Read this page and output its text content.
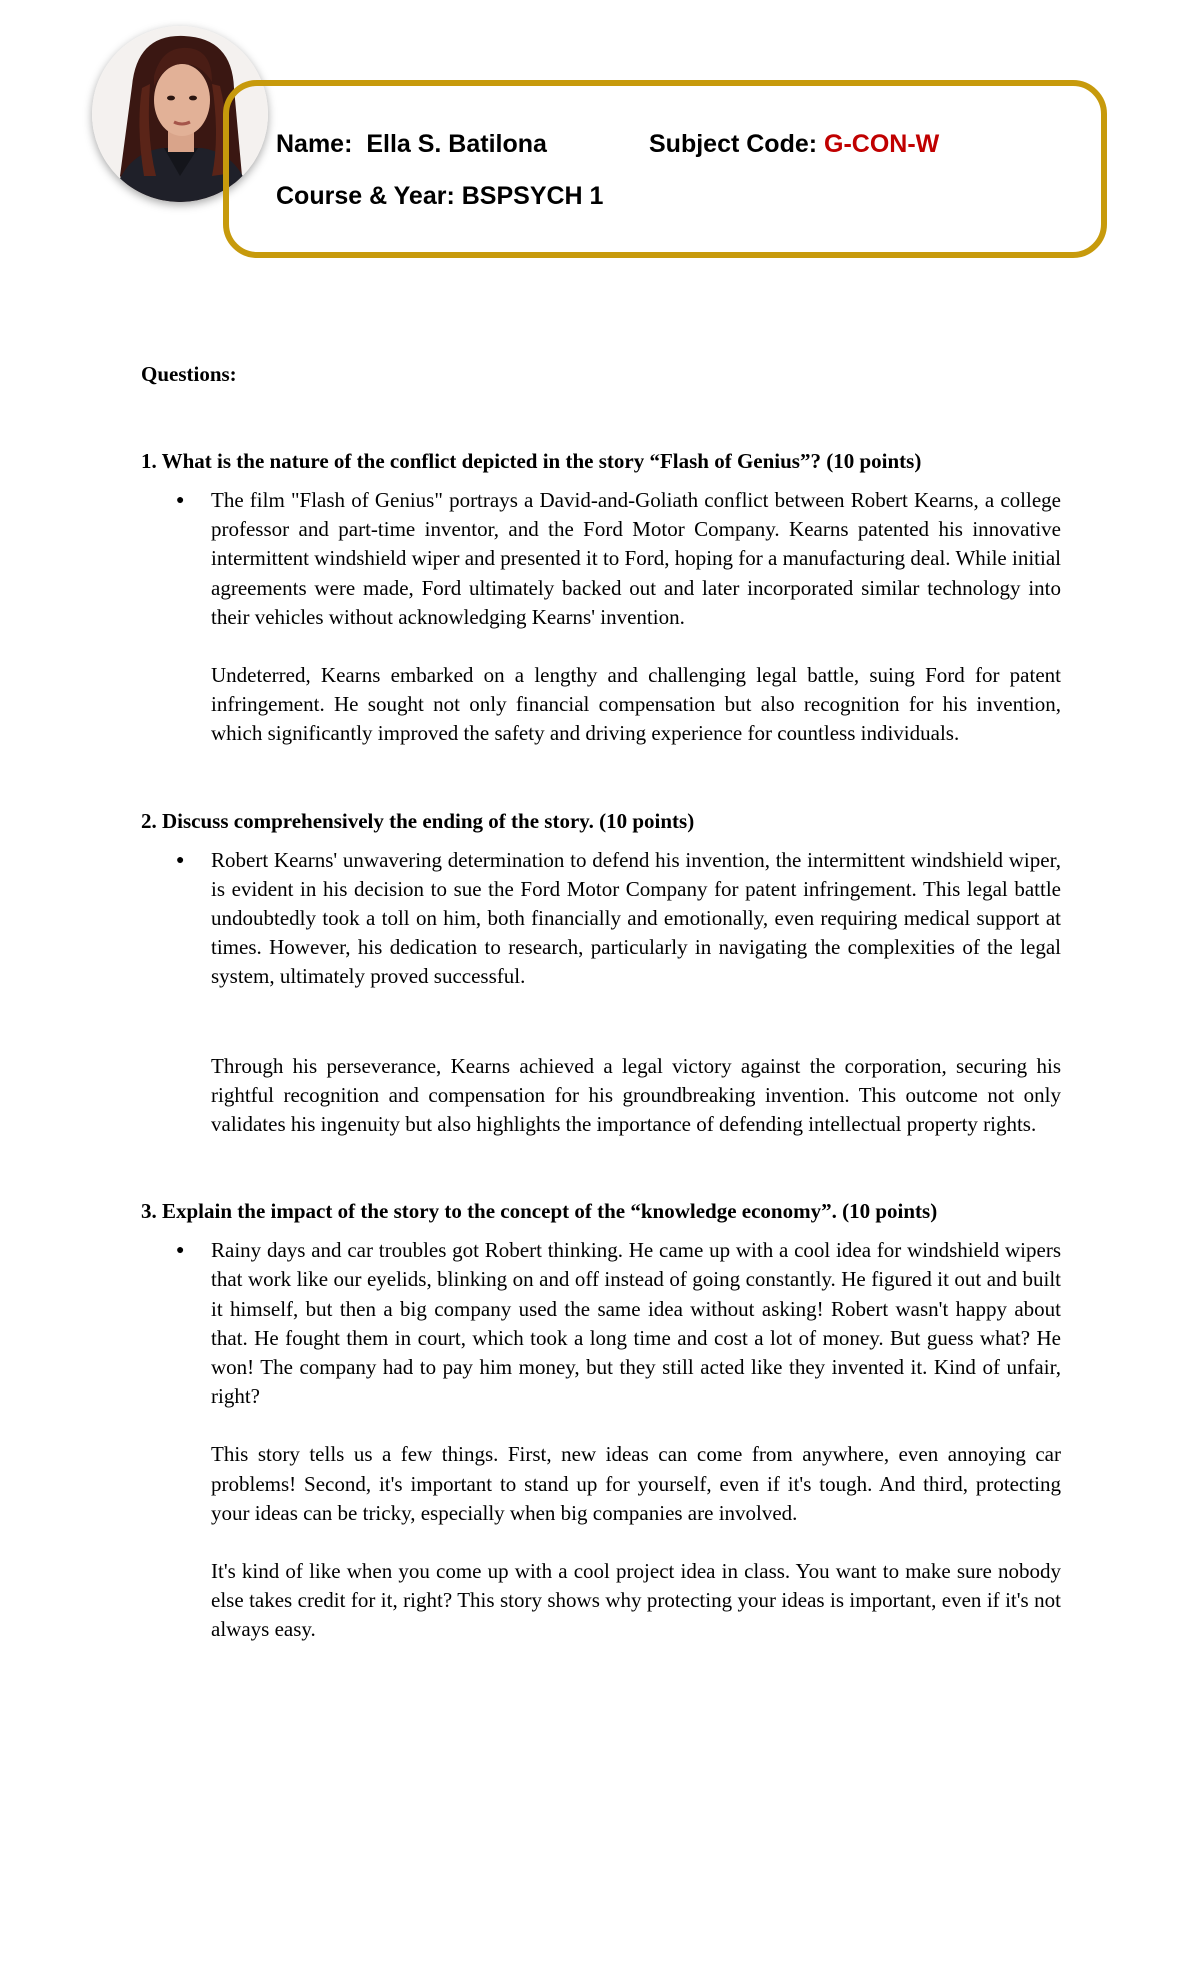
Name: Ella S. Batilona	Subject Code: G-CON-W
Course & Year: BSPSYCH 1

Questions:

1. What is the nature of the conflict depicted in the story “Flash of Genius”? (10 points)

● The film "Flash of Genius" portrays a David-and-Goliath conflict between Robert Kearns, a college professor and part-time inventor, and the Ford Motor Company. Kearns patented his innovative intermittent windshield wiper and presented it to Ford, hoping for a manufacturing deal. While initial agreements were made, Ford ultimately backed out and later incorporated similar technology into their vehicles without acknowledging Kearns' invention.

Undeterred, Kearns embarked on a lengthy and challenging legal battle, suing Ford for patent infringement. He sought not only financial compensation but also recognition for his invention, which significantly improved the safety and driving experience for countless individuals.

2. Discuss comprehensively the ending of the story. (10 points)

● Robert Kearns' unwavering determination to defend his invention, the intermittent windshield wiper, is evident in his decision to sue the Ford Motor Company for patent infringement. This legal battle undoubtedly took a toll on him, both financially and emotionally, even requiring medical support at times. However, his dedication to research, particularly in navigating the complexities of the legal system, ultimately proved successful.

Through his perseverance, Kearns achieved a legal victory against the corporation, securing his rightful recognition and compensation for his groundbreaking invention. This outcome not only validates his ingenuity but also highlights the importance of defending intellectual property rights.

3. Explain the impact of the story to the concept of the “knowledge economy”. (10 points)

● Rainy days and car troubles got Robert thinking. He came up with a cool idea for windshield wipers that work like our eyelids, blinking on and off instead of going constantly. He figured it out and built it himself, but then a big company used the same idea without asking! Robert wasn't happy about that. He fought them in court, which took a long time and cost a lot of money. But guess what? He won! The company had to pay him money, but they still acted like they invented it. Kind of unfair, right?

This story tells us a few things. First, new ideas can come from anywhere, even annoying car problems! Second, it's important to stand up for yourself, even if it's tough. And third, protecting your ideas can be tricky, especially when big companies are involved.

It's kind of like when you come up with a cool project idea in class. You want to make sure nobody else takes credit for it, right? This story shows why protecting your ideas is important, even if it's not always easy.
